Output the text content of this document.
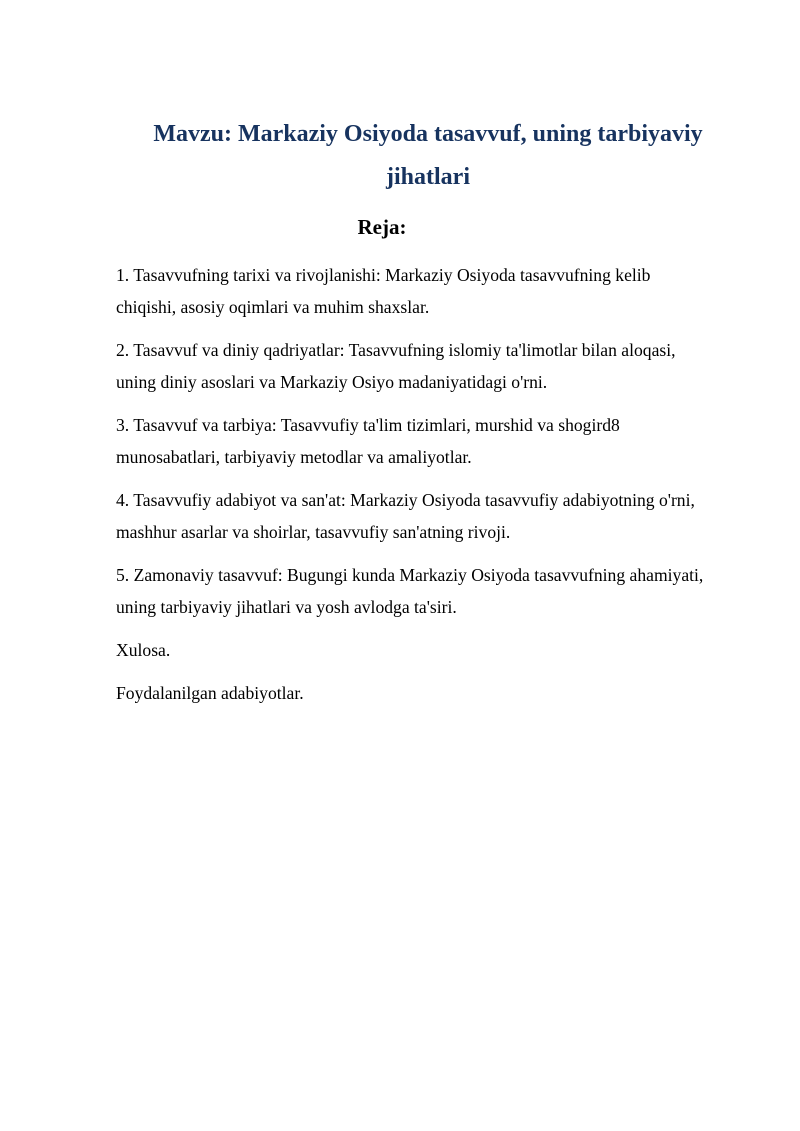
Mavzu: Markaziy Osiyoda tasavvuf, uning tarbiyaviy
jihatlari
Reja:

1. Tasavvufning tarixi va rivojlanishi: Markaziy Osiyoda tasavvufning kelib
chiqishi, asosiy oqimlari va muhim shaxslar.

2. Tasavvuf va diniy qadriyatlar: Tasavvufning islomiy ta'limotlar bilan aloqasi,
uning diniy asoslari va Markaziy Osiyo madaniyatidagi o'rni.

3. Tasavvuf va tarbiya: Tasavvufiy ta'lim tizimlari, murshid va shogird8
munosabatlari, tarbiyaviy metodlar va amaliyotlar.

4. Tasavvufiy adabiyot va san'at: Markaziy Osiyoda tasavvufiy adabiyotning o'rni,
mashhur asarlar va shoirlar, tasavvufiy san'atning rivoji.

5. Zamonaviy tasavvuf: Bugungi kunda Markaziy Osiyoda tasavvufning ahamiyati,
uning tarbiyaviy jihatlari va yosh avlodga ta'siri.

Xulosa.

Foydalanilgan adabiyotlar.
